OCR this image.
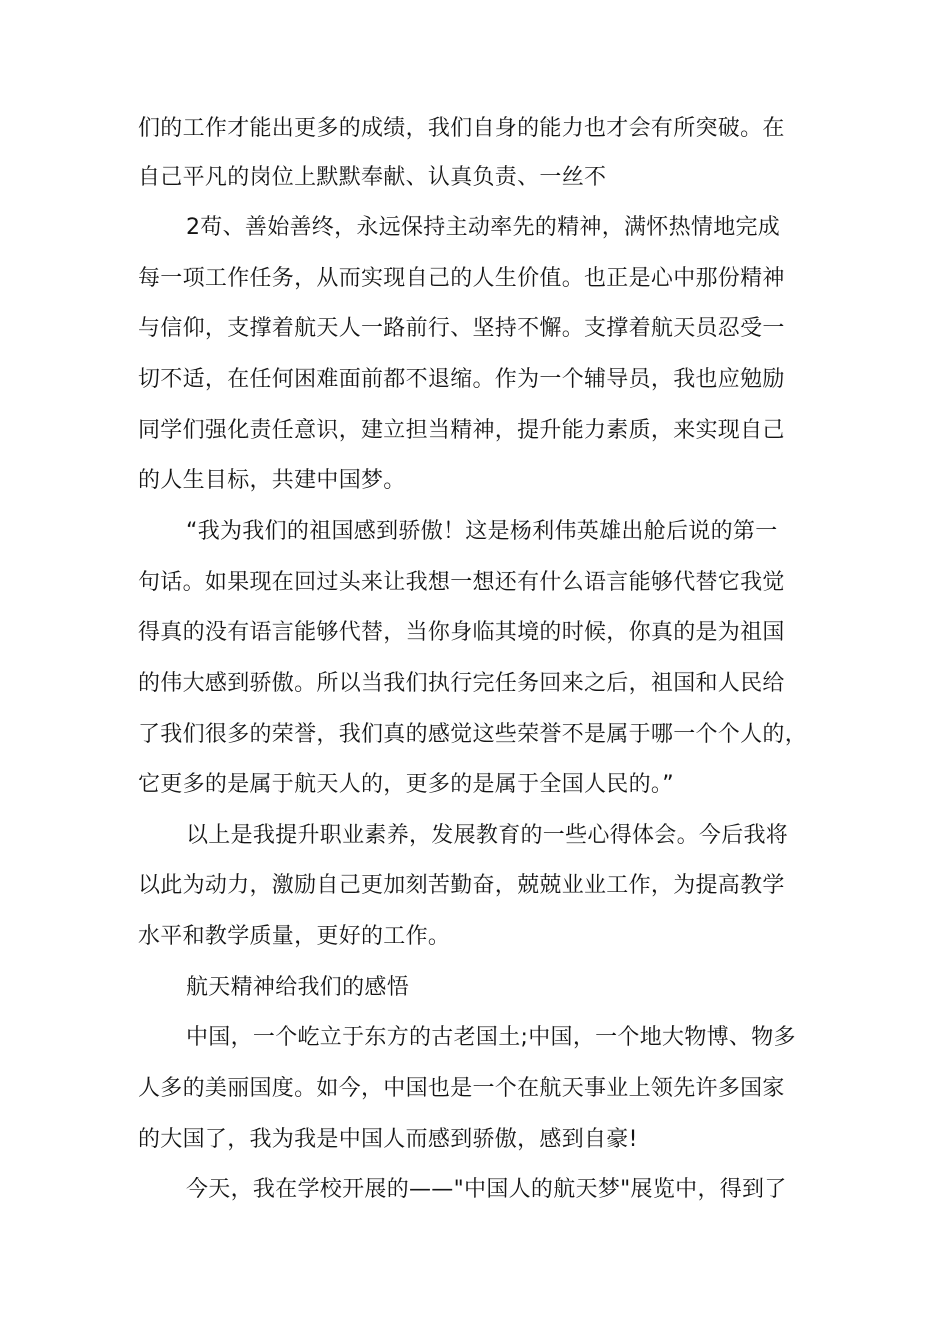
们的工作才能出更多的成绩，我们自身的能力也才会有所突破。在

自己平凡的岗位上默默奉献、认真负责、一丝不

2苟、善始善终，永远保持主动率先的精神，满怀热情地完成

每一项工作任务，从而实现自己的人生价值。也正是心中那份精神

与信仰，支撑着航天人一路前行、坚持不懈。支撑着航天员忍受一

切不适，在任何困难面前都不退缩。作为一个辅导员，我也应勉励

同学们强化责任意识，建立担当精神，提升能力素质，来实现自己

的人生目标，共建中国梦。

“我为我们的祖国感到骄傲！这是杨利伟英雄出舱后说的第一

句话。如果现在回过头来让我想一想还有什么语言能够代替它我觉

得真的没有语言能够代替，当你身临其境的时候，你真的是为祖国

的伟大感到骄傲。所以当我们执行完任务回来之后，祖国和人民给

了我们很多的荣誉，我们真的感觉这些荣誉不是属于哪一个个人的，

它更多的是属于航天人的，更多的是属于全国人民的。”

以上是我提升职业素养，发展教育的一些心得体会。今后我将

以此为动力，激励自己更加刻苦勤奋，兢兢业业工作，为提高教学

水平和教学质量，更好的工作。

航天精神给我们的感悟

中国，一个屹立于东方的古老国土;中国，一个地大物博、物多

人多的美丽国度。如今，中国也是一个在航天事业上领先许多国家

的大国了，我为我是中国人而感到骄傲，感到自豪!

今天，我在学校开展的——"中国人的航天梦"展览中，得到了
